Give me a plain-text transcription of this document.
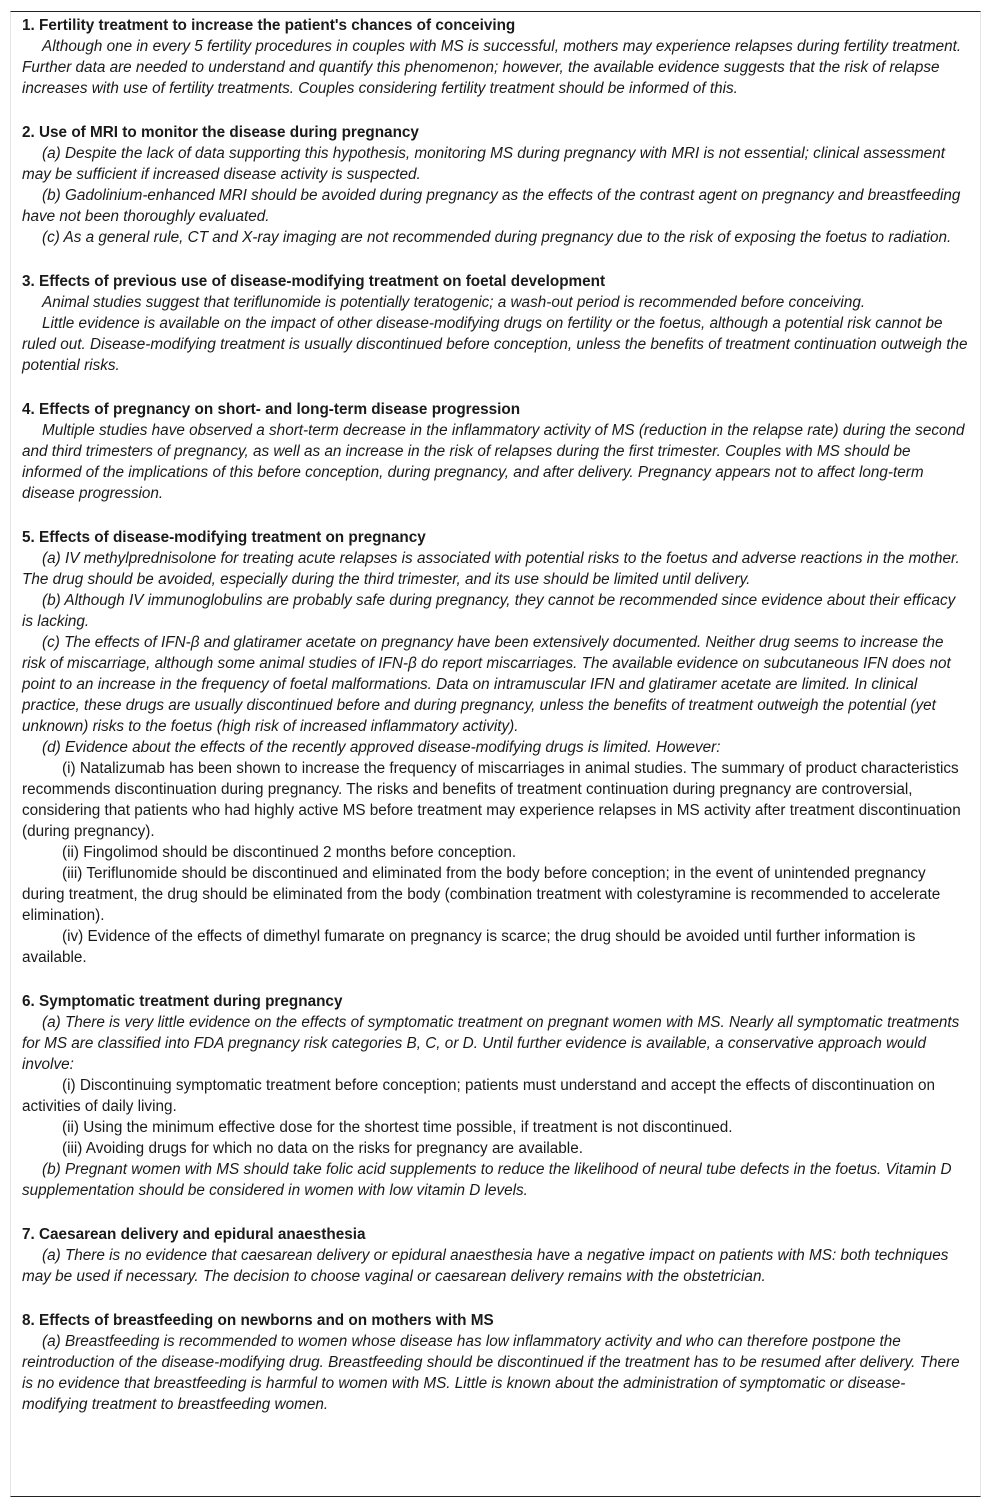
1. Fertility treatment to increase the patient's chances of conceiving

Although one in every 5 fertility procedures in couples with MS is successful, mothers may experience relapses during fertility treatment. Further data are needed to understand and quantify this phenomenon; however, the available evidence suggests that the risk of relapse increases with use of fertility treatments. Couples considering fertility treatment should be informed of this.

2. Use of MRI to monitor the disease during pregnancy

(a) Despite the lack of data supporting this hypothesis, monitoring MS during pregnancy with MRI is not essential; clinical assessment may be sufficient if increased disease activity is suspected.

(b) Gadolinium-enhanced MRI should be avoided during pregnancy as the effects of the contrast agent on pregnancy and breastfeeding have not been thoroughly evaluated.

(c) As a general rule, CT and X-ray imaging are not recommended during pregnancy due to the risk of exposing the foetus to radiation.

3. Effects of previous use of disease-modifying treatment on foetal development

Animal studies suggest that teriflunomide is potentially teratogenic; a wash-out period is recommended before conceiving.

Little evidence is available on the impact of other disease-modifying drugs on fertility or the foetus, although a potential risk cannot be ruled out. Disease-modifying treatment is usually discontinued before conception, unless the benefits of treatment continuation outweigh the potential risks.

4. Effects of pregnancy on short- and long-term disease progression

Multiple studies have observed a short-term decrease in the inflammatory activity of MS (reduction in the relapse rate) during the second and third trimesters of pregnancy, as well as an increase in the risk of relapses during the first trimester. Couples with MS should be informed of the implications of this before conception, during pregnancy, and after delivery. Pregnancy appears not to affect long-term disease progression.

5. Effects of disease-modifying treatment on pregnancy

(a) IV methylprednisolone for treating acute relapses is associated with potential risks to the foetus and adverse reactions in the mother. The drug should be avoided, especially during the third trimester, and its use should be limited until delivery.

(b) Although IV immunoglobulins are probably safe during pregnancy, they cannot be recommended since evidence about their efficacy is lacking.

(c) The effects of IFN-β and glatiramer acetate on pregnancy have been extensively documented. Neither drug seems to increase the risk of miscarriage, although some animal studies of IFN-β do report miscarriages. The available evidence on subcutaneous IFN does not point to an increase in the frequency of foetal malformations. Data on intramuscular IFN and glatiramer acetate are limited. In clinical practice, these drugs are usually discontinued before and during pregnancy, unless the benefits of treatment outweigh the potential (yet unknown) risks to the foetus (high risk of increased inflammatory activity).

(d) Evidence about the effects of the recently approved disease-modifying drugs is limited. However:

(i) Natalizumab has been shown to increase the frequency of miscarriages in animal studies. The summary of product characteristics recommends discontinuation during pregnancy. The risks and benefits of treatment continuation during pregnancy are controversial, considering that patients who had highly active MS before treatment may experience relapses in MS activity after treatment discontinuation (during pregnancy).

(ii) Fingolimod should be discontinued 2 months before conception.

(iii) Teriflunomide should be discontinued and eliminated from the body before conception; in the event of unintended pregnancy during treatment, the drug should be eliminated from the body (combination treatment with colestyramine is recommended to accelerate elimination).

(iv) Evidence of the effects of dimethyl fumarate on pregnancy is scarce; the drug should be avoided until further information is available.

6. Symptomatic treatment during pregnancy

(a) There is very little evidence on the effects of symptomatic treatment on pregnant women with MS. Nearly all symptomatic treatments for MS are classified into FDA pregnancy risk categories B, C, or D. Until further evidence is available, a conservative approach would involve:

(i) Discontinuing symptomatic treatment before conception; patients must understand and accept the effects of discontinuation on activities of daily living.

(ii) Using the minimum effective dose for the shortest time possible, if treatment is not discontinued.

(iii) Avoiding drugs for which no data on the risks for pregnancy are available.

(b) Pregnant women with MS should take folic acid supplements to reduce the likelihood of neural tube defects in the foetus. Vitamin D supplementation should be considered in women with low vitamin D levels.

7. Caesarean delivery and epidural anaesthesia

(a) There is no evidence that caesarean delivery or epidural anaesthesia have a negative impact on patients with MS: both techniques may be used if necessary. The decision to choose vaginal or caesarean delivery remains with the obstetrician.

8. Effects of breastfeeding on newborns and on mothers with MS

(a) Breastfeeding is recommended to women whose disease has low inflammatory activity and who can therefore postpone the reintroduction of the disease-modifying drug. Breastfeeding should be discontinued if the treatment has to be resumed after delivery. There is no evidence that breastfeeding is harmful to women with MS. Little is known about the administration of symptomatic or disease-modifying treatment to breastfeeding women.
